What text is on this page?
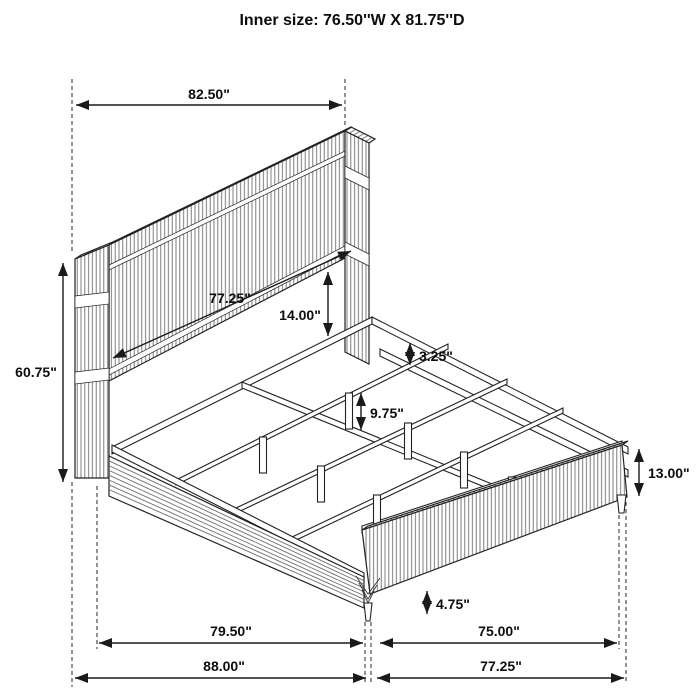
Inner size: 76.50''W X 81.75''D
82.50"
60.75"
77.25"
14.00"
3.25"
9.75"
13.00"
4.75"
79.50"	75.00"
88.00"	77.25"
